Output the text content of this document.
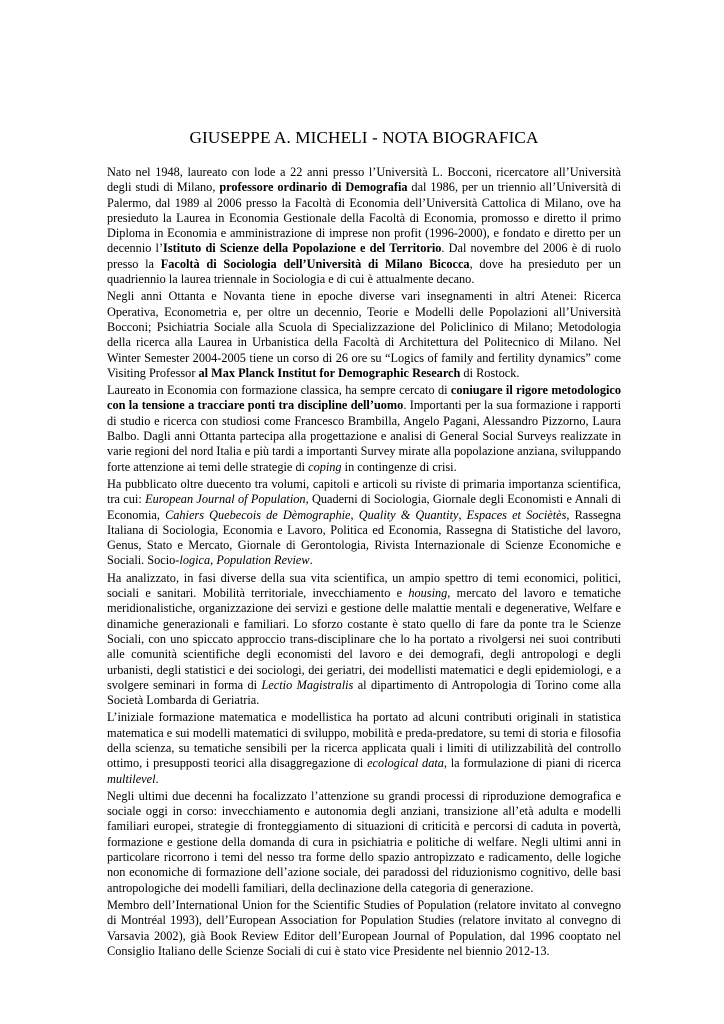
GIUSEPPE A. MICHELI - NOTA BIOGRAFICA

Nato nel 1948, laureato con lode a 22 anni presso l’Università L. Bocconi, ricercatore all’Università degli studi di Milano, professore ordinario di Demografia dal 1986, per un triennio all’Università di Palermo, dal 1989 al 2006 presso la Facoltà di Economia dell’Università Cattolica di Milano, ove ha presieduto la Laurea in Economia Gestionale della Facoltà di Economia, promosso e diretto il primo Diploma in Economia e amministrazione di imprese non profit (1996-2000), e fondato e diretto per un decennio l’Istituto di Scienze della Popolazione e del Territorio. Dal novembre del 2006 è di ruolo presso la Facoltà di Sociologia dell’Università di Milano Bicocca, dove ha presieduto per un quadriennio la laurea triennale in Sociologia e di cui è attualmente decano.

Negli anni Ottanta e Novanta tiene in epoche diverse vari insegnamenti in altri Atenei: Ricerca Operativa, Econometria e, per oltre un decennio, Teorie e Modelli delle Popolazioni all’Università Bocconi; Psichiatria Sociale alla Scuola di Specializzazione del Policlinico di Milano; Metodologia della ricerca alla Laurea in Urbanistica della Facoltà di Architettura del Politecnico di Milano. Nel Winter Semester 2004-2005 tiene un corso di 26 ore su “Logics of family and fertility dynamics” come Visiting Professor al Max Planck Institut for Demographic Research di Rostock.

Laureato in Economia con formazione classica, ha sempre cercato di coniugare il rigore metodologico con la tensione a tracciare ponti tra discipline dell’uomo. Importanti per la sua formazione i rapporti di studio e ricerca con studiosi come Francesco Brambilla, Angelo Pagani, Alessandro Pizzorno, Laura Balbo. Dagli anni Ottanta partecipa alla progettazione e analisi di General Social Surveys realizzate in varie regioni del nord Italia e più tardi a importanti Survey mirate alla popolazione anziana, sviluppando forte attenzione ai temi delle strategie di coping in contingenze di crisi.

Ha pubblicato oltre duecento tra volumi, capitoli e articoli su riviste di primaria importanza scientifica, tra cui: European Journal of Population, Quaderni di Sociologia, Giornale degli Economisti e Annali di Economia, Cahiers Quebecois de Dèmographie, Quality & Quantity, Espaces et Sociètès, Rassegna Italiana di Sociologia, Economia e Lavoro, Politica ed Economia, Rassegna di Statistiche del lavoro, Genus, Stato e Mercato, Giornale di Gerontologia, Rivista Internazionale di Scienze Economiche e Sociali. Socio-logica, Population Review.

Ha analizzato, in fasi diverse della sua vita scientifica, un ampio spettro di temi economici, politici, sociali e sanitari. Mobilità territoriale, invecchiamento e housing, mercato del lavoro e tematiche meridionalistiche, organizzazione dei servizi e gestione delle malattie mentali e degenerative, Welfare e dinamiche generazionali e familiari. Lo sforzo costante è stato quello di fare da ponte tra le Scienze Sociali, con uno spiccato approccio trans-disciplinare che lo ha portato a rivolgersi nei suoi contributi alle comunità scientifiche degli economisti del lavoro e dei demografi, degli antropologi e degli urbanisti, degli statistici e dei sociologi, dei geriatri, dei modellisti matematici e degli epidemiologi, e a svolgere seminari in forma di Lectio Magistralis al dipartimento di Antropologia di Torino come alla Società Lombarda di Geriatria.

L’iniziale formazione matematica e modellistica ha portato ad alcuni contributi originali in statistica matematica e sui modelli matematici di sviluppo, mobilità e preda-predatore, su temi di storia e filosofia della scienza, su tematiche sensibili per la ricerca applicata quali i limiti di utilizzabilità del controllo ottimo, i presupposti teorici alla disaggregazione di ecological data, la formulazione di piani di ricerca multilevel.

Negli ultimi due decenni ha focalizzato l’attenzione su grandi processi di riproduzione demografica e sociale oggi in corso: invecchiamento e autonomia degli anziani, transizione all’età adulta e modelli familiari europei, strategie di fronteggiamento di situazioni di criticità e percorsi di caduta in povertà, formazione e gestione della domanda di cura in psichiatria e politiche di welfare. Negli ultimi anni in particolare ricorrono i temi del nesso tra forme dello spazio antropizzato e radicamento, delle logiche non economiche di formazione dell’azione sociale, dei paradossi del riduzionismo cognitivo, delle basi antropologiche dei modelli familiari, della declinazione della categoria di generazione.

Membro dell’International Union for the Scientific Studies of Population (relatore invitato al convegno di Montréal 1993), dell’European Association for Population Studies (relatore invitato al convegno di Varsavia 2002), già Book Review Editor dell’European Journal of Population, dal 1996 cooptato nel Consiglio Italiano delle Scienze Sociali di cui è stato vice Presidente nel biennio 2012-13.
